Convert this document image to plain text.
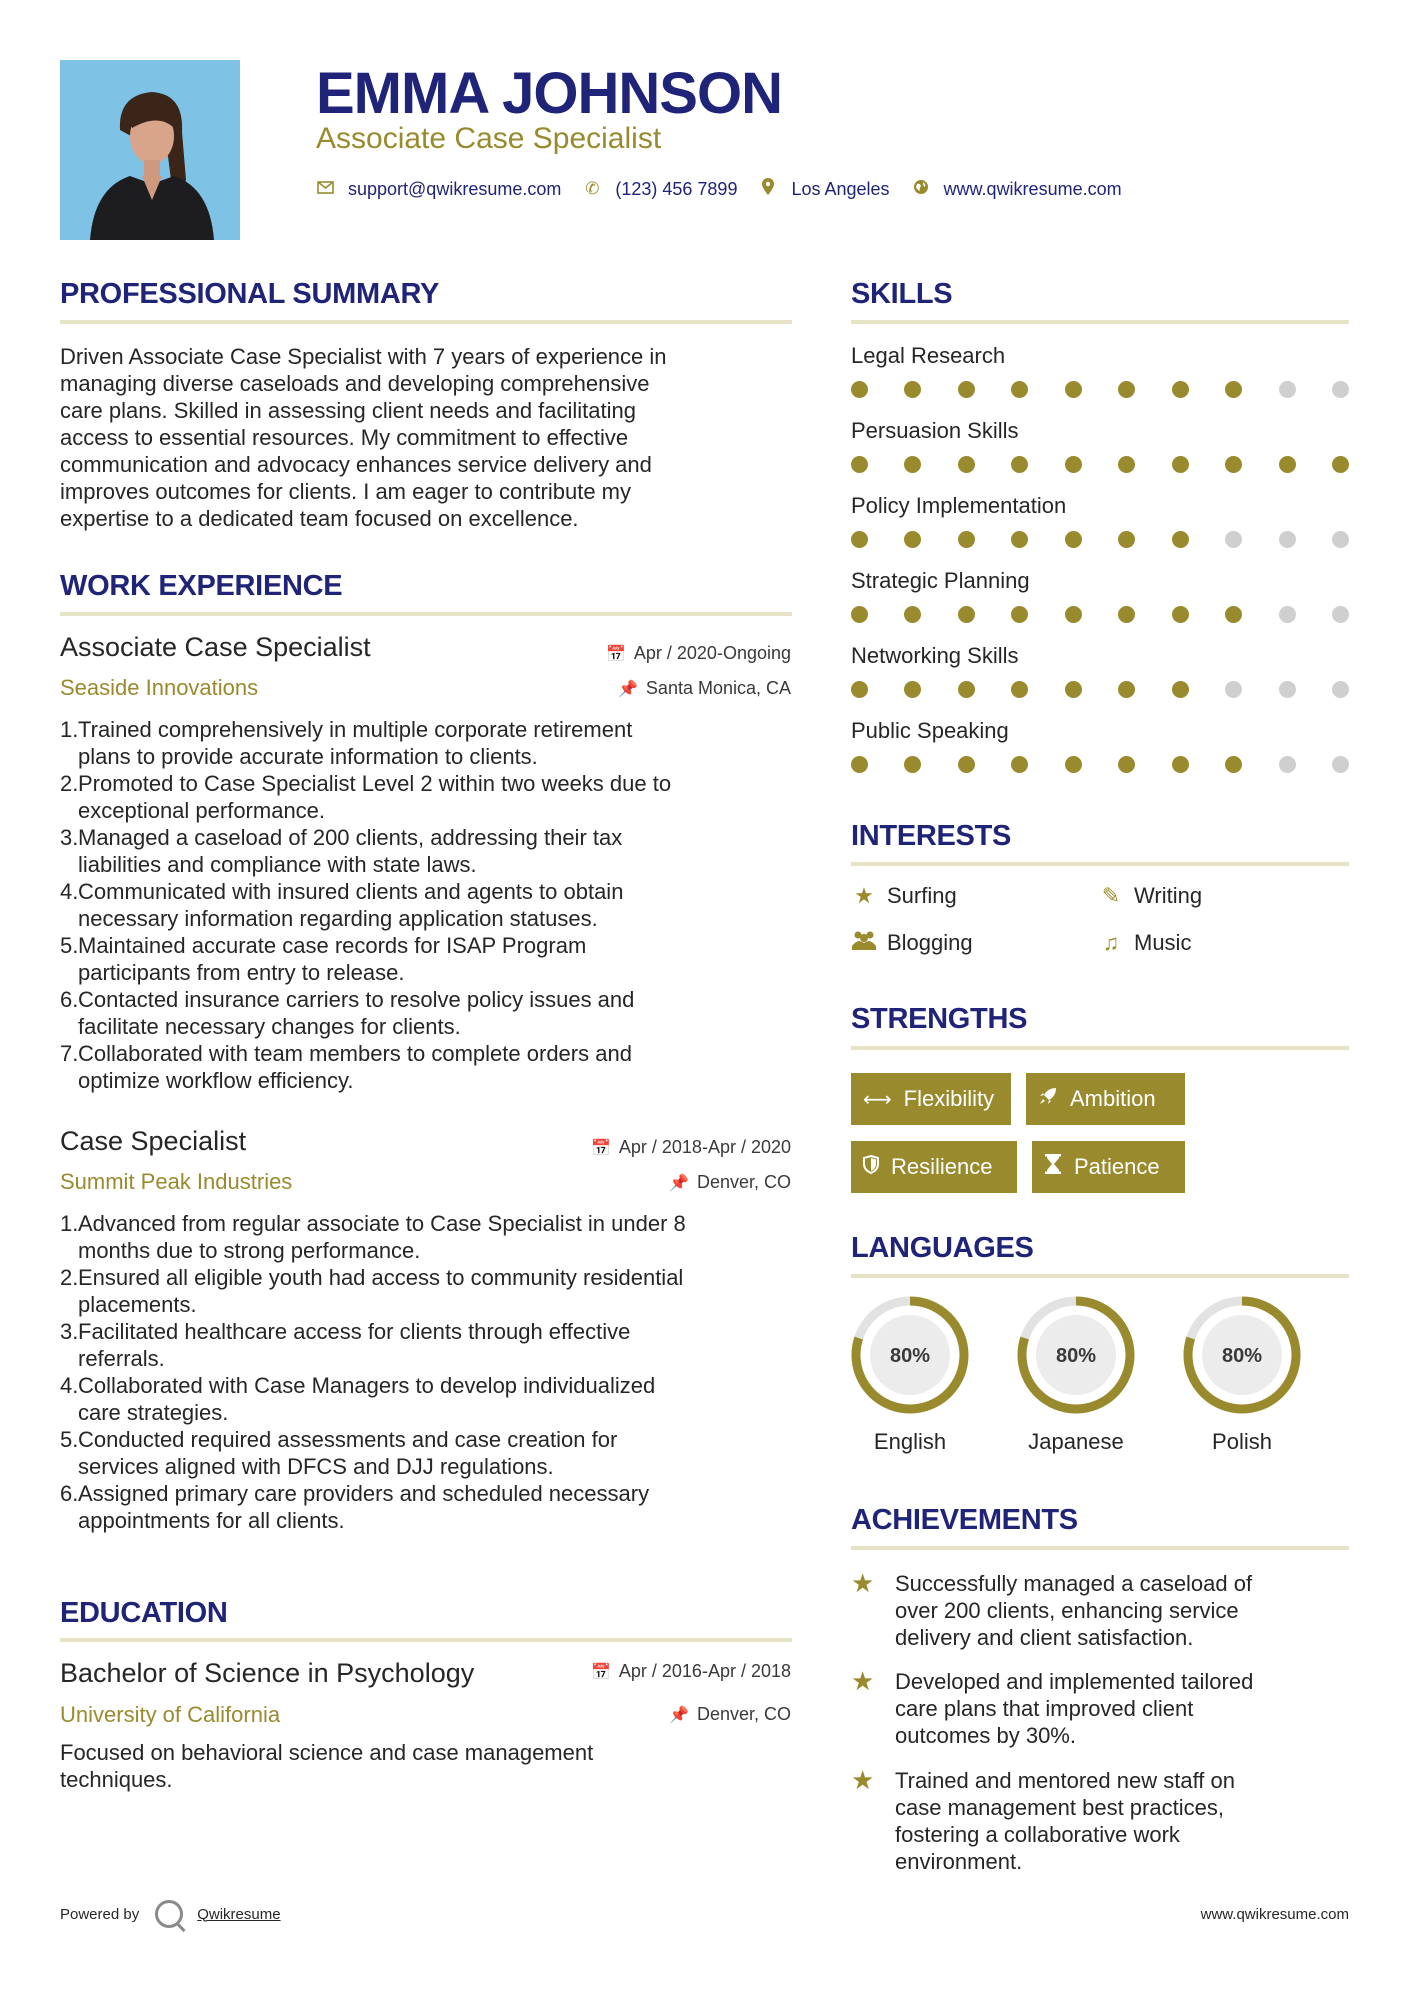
EMMA JOHNSON
Associate Case Specialist
support@qwikresume.com ✆ (123) 456 7899	Los Angeles	www.qwikresume.com
PROFESSIONAL SUMMARY
Driven Associate Case Specialist with 7 years of experience in
managing diverse caseloads and developing comprehensive
care plans. Skilled in assessing client needs and facilitating
access to essential resources. My commitment to effective
communication and advocacy enhances service delivery and
improves outcomes for clients. I am eager to contribute my
expertise to a dedicated team focused on excellence.
WORK EXPERIENCE
Associate Case Specialist	📅 Apr / 2020-Ongoing
Seaside Innovations	📌 Santa Monica, CA
1. Trained comprehensively in multiple corporate retirement
plans to provide accurate information to clients.
2. Promoted to Case Specialist Level 2 within two weeks due to
exceptional performance.
3. Managed a caseload of 200 clients, addressing their tax
liabilities and compliance with state laws.
4. Communicated with insured clients and agents to obtain
necessary information regarding application statuses.
5. Maintained accurate case records for ISAP Program
participants from entry to release.
6. Contacted insurance carriers to resolve policy issues and
facilitate necessary changes for clients.
7. Collaborated with team members to complete orders and
optimize workflow efficiency.
Case Specialist	📅 Apr / 2018-Apr / 2020
Summit Peak Industries	📌 Denver, CO
1. Advanced from regular associate to Case Specialist in under 8
months due to strong performance.
2. Ensured all eligible youth had access to community residential
placements.
3. Facilitated healthcare access for clients through effective
referrals.
4. Collaborated with Case Managers to develop individualized
care strategies.
5. Conducted required assessments and case creation for
services aligned with DFCS and DJJ regulations.
6. Assigned primary care providers and scheduled necessary
appointments for all clients.
EDUCATION
Bachelor of Science in Psychology	📅 Apr / 2016-Apr / 2018
University of California	📌 Denver, CO
Focused on behavioral science and case management
techniques.
SKILLS
Legal Research
Persuasion Skills
Policy Implementation
Strategic Planning
Networking Skills
Public Speaking
INTERESTS
★ Surfing	✎ Writing
Blogging	♫ Music
STRENGTHS
⟷ Flexibility	Ambition
Resilience	Patience
LANGUAGES
80%
English
80%
Japanese
80%
Polish
ACHIEVEMENTS
★ Successfully managed a caseload of
over 200 clients, enhancing service
delivery and client satisfaction.
★ Developed and implemented tailored
care plans that improved client
outcomes by 30%.
★ Trained and mentored new staff on
case management best practices,
fostering a collaborative work
environment.
Powered by	Qwikresume	www.qwikresume.com
